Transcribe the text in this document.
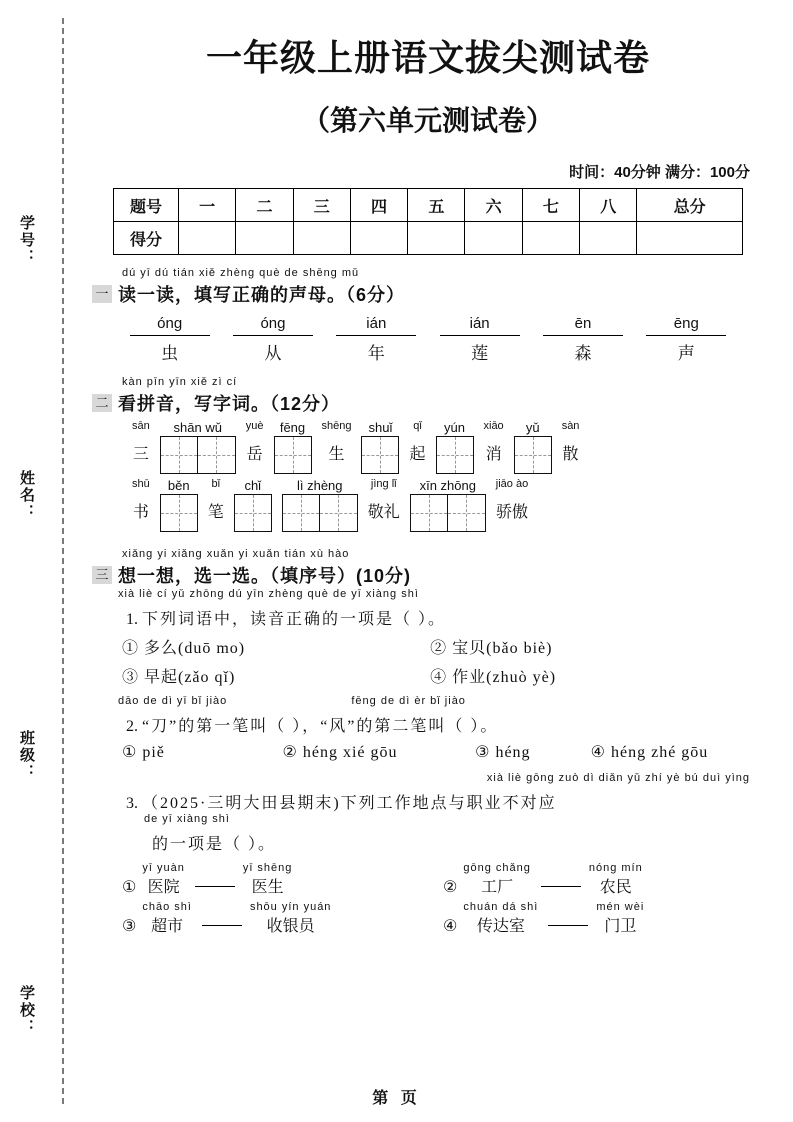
学号：
姓名：
班级：
学校：
一年级上册语文拔尖测试卷
（第六单元测试卷）
时间：40分钟 满分：100分
题号	一	二	三	四	五	六	七	八	总分
得分									
dú yī dú tián xiě zhèng què de shēng mǔ
一 读一读，填写正确的声母。（6分）
óng
虫
óng
从
ián
年
ián
莲
ēn
森
ēng
声
kàn pīn yīn xiě zì cí
二 看拼音，写字词。（12分）
sān
三
shān wǔ yuè
岳
fēng shēng
生
shuǐ qǐ
起
yún xiāo
消
yǔ sàn
散
shū
书
běn bǐ
笔
chǐ	lì zhèng	jìng lǐ
敬礼
xīn zhōng jiāo ào
骄傲
xiǎng yi xiǎng xuǎn yi xuǎn tián xù hào
三 想一想，选一选。（填序号）(10分)
xià liè cí yǔ zhōng dú yīn zhèng què de yī xiàng shì
1. 下列词语中，读音正确的一项是（ ）。
① 多么(duō mo)	② 宝贝(bǎo biè)
③ 早起(zǎo qǐ)	④ 作业(zhuò yè)
dāo de dì yī bǐ jiào	fēng de dì èr bǐ jiào
2. “刀”的第一笔叫（ ），“风”的第二笔叫（ ）。
① piě	② héng xié gōu	③ héng	④ héng zhé gōu
xià liè gōng zuò dì diǎn yǔ zhí yè bú duì yìng
3. （2025·三明大田县期末)下列工作地点与职业不对应
de yī xiàng shì
的一项是（ ）。
①
yī yuàn
医院
yī shēng
医生	②
gōng chǎng
工厂
nóng mín
农民
③
chāo shì
超市
shōu yín yuán
收银员	④
chuán dá shì
传达室
mén wèi
门卫
第 页
